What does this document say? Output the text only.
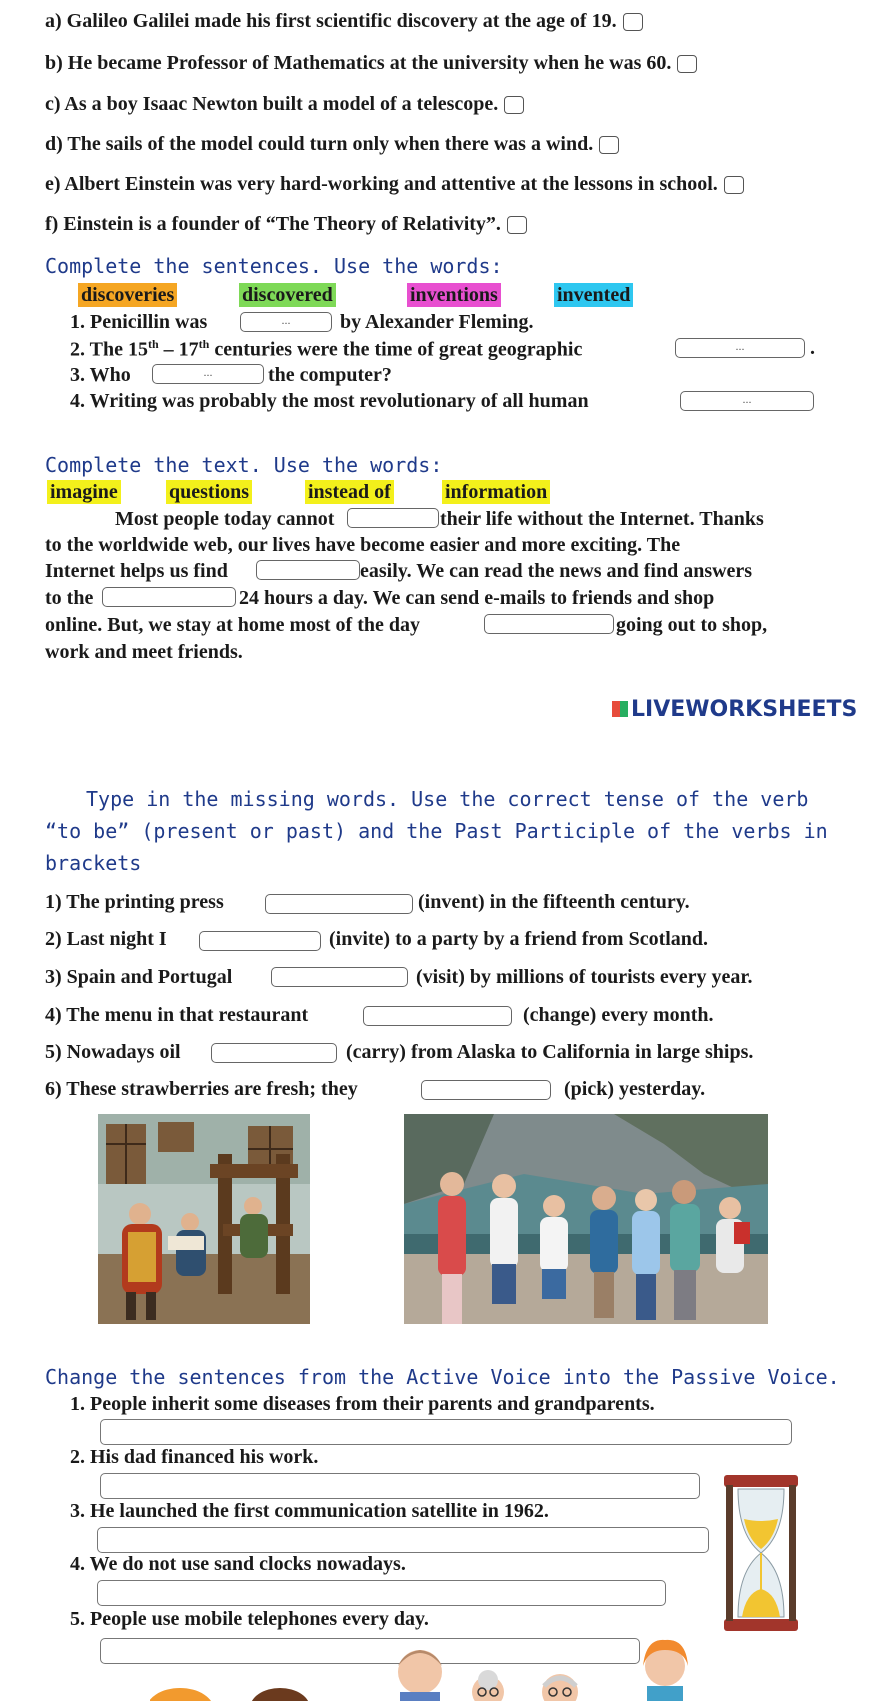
a) Galileo Galilei made his first scientific discovery at the age of 19.
b) He became Professor of Mathematics at the university when he was 60.
c) As a boy Isaac Newton built a model of a telescope.
d) The sails of the model could turn only when there was a wind.
e) Albert Einstein was very hard-working and attentive at the lessons in school.
f) Einstein is a founder of “The Theory of Relativity”.
Complete the sentences. Use the words:
discoveries	discovered	inventions	invented
1. Penicillin was	...	by Alexander Fleming.
2. The 15th – 17th centuries were the time of great geographic	...	.
3. Who	...	the computer?
4. Writing was probably the most revolutionary of all human	...
Complete the text. Use the words:
imagine	questions	instead of	information
Most people today cannot	their life without the Internet. Thanks
to the worldwide web, our lives have become easier and more exciting. The
Internet helps us find	easily. We can read the news and find answers
to the	24 hours a day. We can send e-mails to friends and shop
online. But, we stay at home most of the day	going out to shop,
work and meet friends.
LIVEWORKSHEETS
Type in the missing words. Use the correct tense of the verb
“to be” (present or past) and the Past Participle of the verbs in
brackets
1) The printing press	(invent) in the fifteenth century.
2) Last night I	(invite) to a party by a friend from Scotland.
3) Spain and Portugal	(visit) by millions of tourists every year.
4) The menu in that restaurant	(change) every month.
5) Nowadays oil	(carry) from Alaska to California in large ships.
6) These strawberries are fresh; they	(pick) yesterday.
Change the sentences from the Active Voice into the Passive Voice.
1. People inherit some diseases from their parents and grandparents.
2. His dad financed his work.
3. He launched the first communication satellite in 1962.
4. We do not use sand clocks nowadays.
5. People use mobile telephones every day.
